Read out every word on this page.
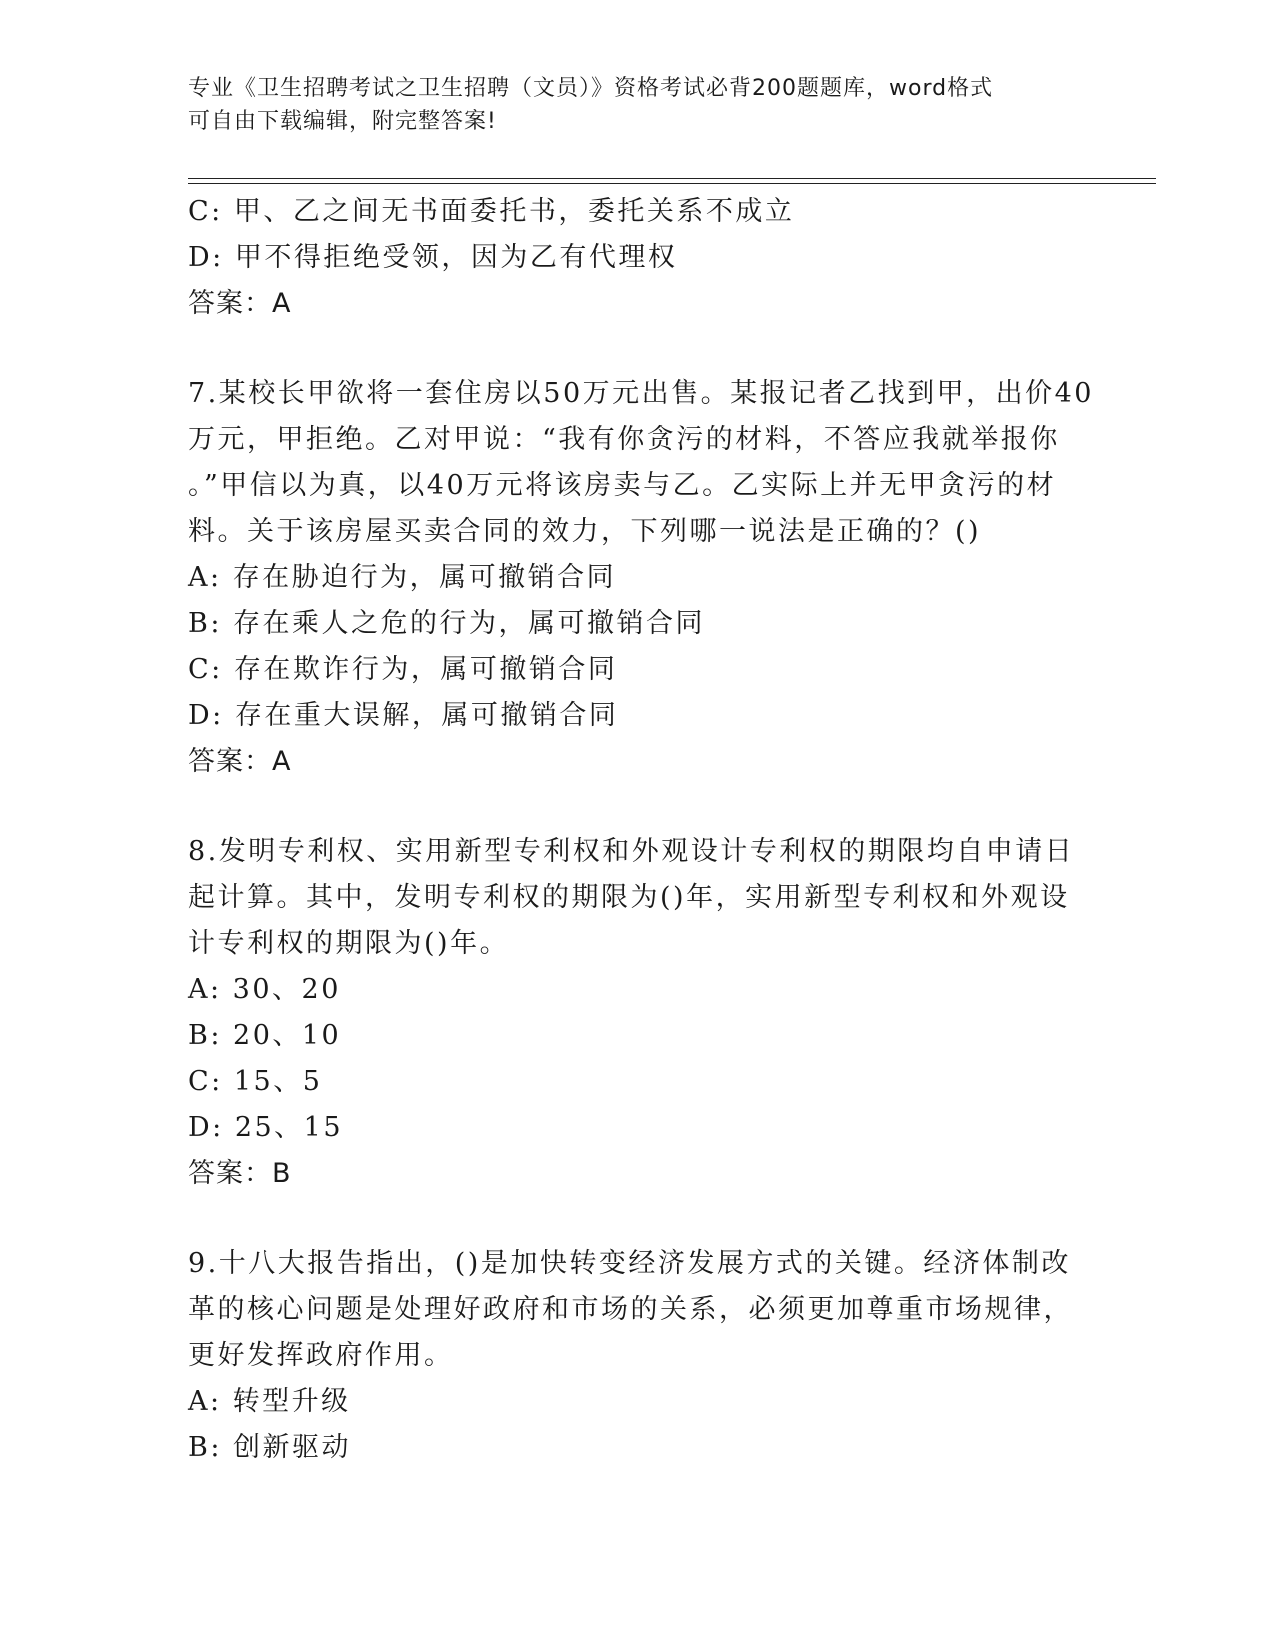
专业《卫生招聘考试之卫生招聘（文员）》资格考试必背200题题库，word格式
可自由下载编辑，附完整答案!
C: 甲、乙之间无书面委托书，委托关系不成立
D: 甲不得拒绝受领，因为乙有代理权
答案：A
7.某校长甲欲将一套住房以50万元出售。某报记者乙找到甲，出价40
万元，甲拒绝。乙对甲说：“我有你贪污的材料，不答应我就举报你
。”甲信以为真，以40万元将该房卖与乙。乙实际上并无甲贪污的材
料。关于该房屋买卖合同的效力，下列哪一说法是正确的？()
A: 存在胁迫行为，属可撤销合同
B: 存在乘人之危的行为，属可撤销合同
C: 存在欺诈行为，属可撤销合同
D: 存在重大误解，属可撤销合同
答案：A
8.发明专利权、实用新型专利权和外观设计专利权的期限均自申请日
起计算。其中，发明专利权的期限为()年，实用新型专利权和外观设
计专利权的期限为()年。
A: 30、20
B: 20、10
C: 15、5
D: 25、15
答案：B
9.十八大报告指出，()是加快转变经济发展方式的关键。经济体制改
革的核心问题是处理好政府和市场的关系，必须更加尊重市场规律，
更好发挥政府作用。
A: 转型升级
B: 创新驱动
